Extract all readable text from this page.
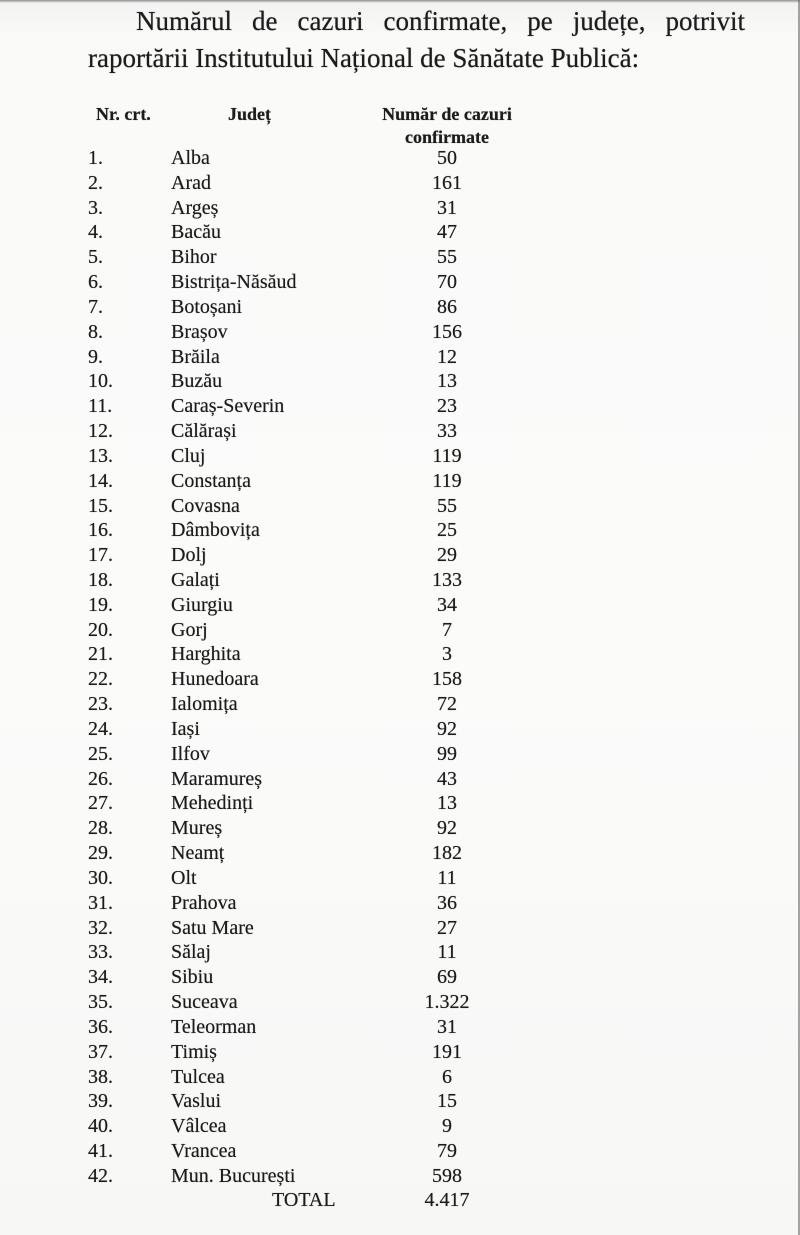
Numărul de cazuri confirmate, pe județe, potrivit
raportării Institutului Național de Sănătate Publică:

Nr. crt.	Județ	Număr de cazuri
confirmate
1.	Alba	50
2.	Arad	161
3.	Argeș	31
4.	Bacău	47
5.	Bihor	55
6.	Bistrița-Năsăud	70
7.	Botoșani	86
8.	Brașov	156
9.	Brăila	12
10.	Buzău	13
11.	Caraș-Severin	23
12.	Călărași	33
13.	Cluj	119
14.	Constanța	119
15.	Covasna	55
16.	Dâmbovița	25
17.	Dolj	29
18.	Galați	133
19.	Giurgiu	34
20.	Gorj	7
21.	Harghita	3
22.	Hunedoara	158
23.	Ialomița	72
24.	Iași	92
25.	Ilfov	99
26.	Maramureș	43
27.	Mehedinți	13
28.	Mureș	92
29.	Neamț	182
30.	Olt	11
31.	Prahova	36
32.	Satu Mare	27
33.	Sălaj	11
34.	Sibiu	69
35.	Suceava	1.322
36.	Teleorman	31
37.	Timiș	191
38.	Tulcea	6
39.	Vaslui	15
40.	Vâlcea	9
41.	Vrancea	79
42.	Mun. București	598
TOTAL	4.417
